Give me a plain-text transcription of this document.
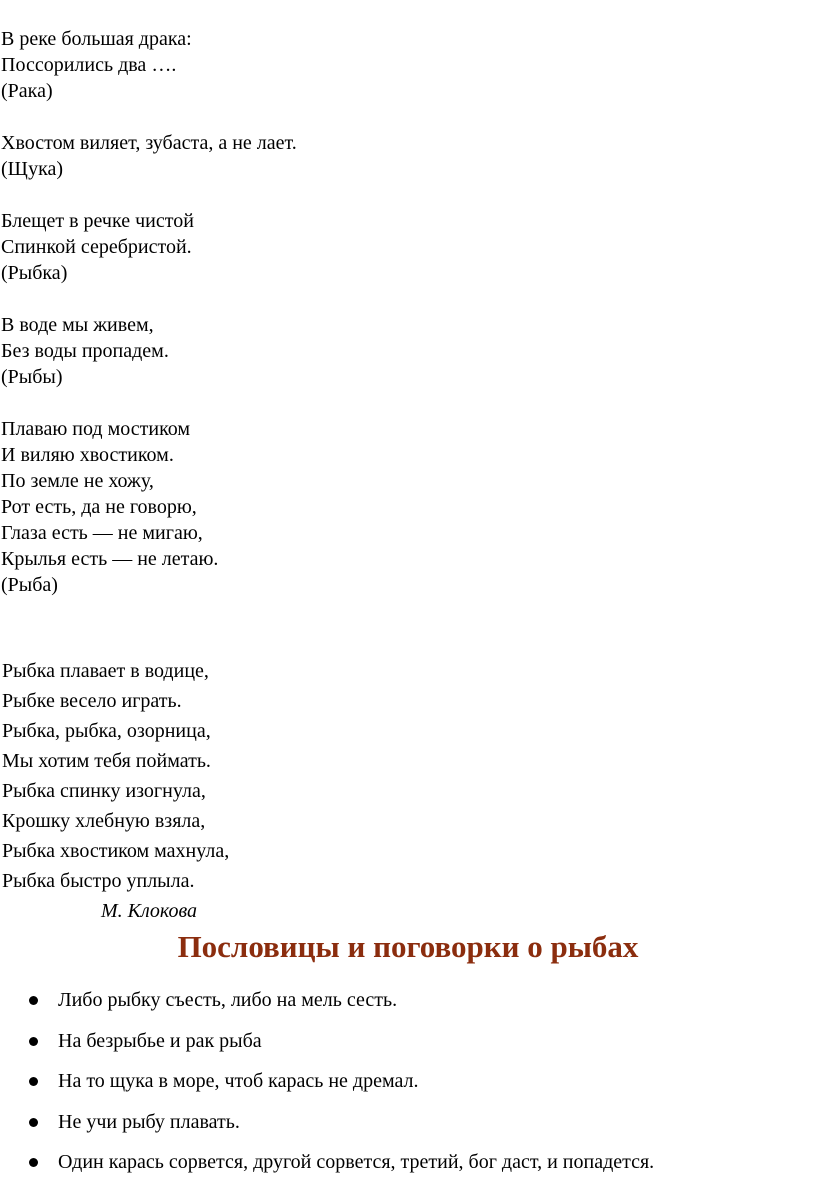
В реке большая драка:
Поссорились два ….
(Рака)
Хвостом виляет, зубаста, а не лает.
(Щука)
Блещет в речке чистой
Спинкой серебристой.
(Рыбка)
В воде мы живем,
Без воды пропадем.
(Рыбы)
Плаваю под мостиком
И виляю хвостиком.
По земле не хожу,
Рот есть, да не говорю,
Глаза есть — не мигаю,
Крылья есть — не летаю.
(Рыба)
Рыбка плавает в водице,
Рыбке весело играть.
Рыбка, рыбка, озорница,
Мы хотим тебя поймать.
Рыбка спинку изогнула,
Крошку хлебную взяла,
Рыбка хвостиком махнула,
Рыбка быстро уплыла.
М. Клокова
Пословицы и поговорки о рыбах
Либо рыбку съесть, либо на мель сесть.
На безрыбье и рак рыба
На то щука в море, чтоб карась не дремал.
Не учи рыбу плавать.
Один карась сорвется, другой сорвется, третий, бог даст, и попадется.
